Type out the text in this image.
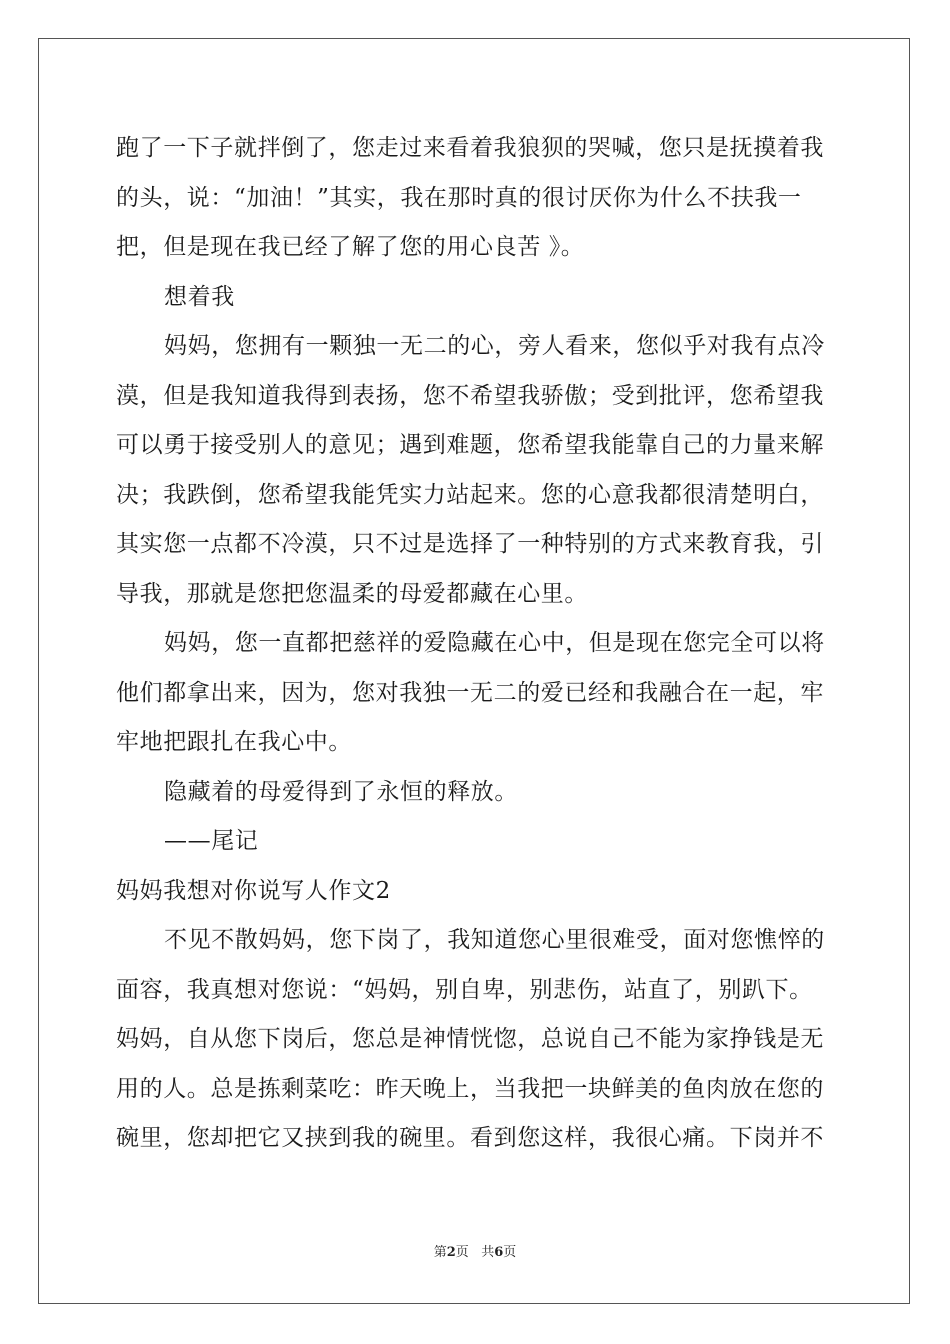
跑了一下子就拌倒了，您走过来看着我狼狈的哭喊，您只是抚摸着我
的头，说：“加油！”其实，我在那时真的很讨厌你为什么不扶我一
把，但是现在我已经了解了您的用心良苦 》。
想着我
妈妈，您拥有一颗独一无二的心，旁人看来，您似乎对我有点冷
漠，但是我知道我得到表扬，您不希望我骄傲；受到批评，您希望我
可以勇于接受别人的意见；遇到难题，您希望我能靠自己的力量来解
决；我跌倒，您希望我能凭实力站起来。您的心意我都很清楚明白，
其实您一点都不冷漠，只不过是选择了一种特别的方式来教育我，引
导我，那就是您把您温柔的母爱都藏在心里。
妈妈，您一直都把慈祥的爱隐藏在心中，但是现在您完全可以将
他们都拿出来，因为，您对我独一无二的爱已经和我融合在一起，牢
牢地把跟扎在我心中。
隐藏着的母爱得到了永恒的释放。
——尾记
妈妈我想对你说写人作文2
不见不散妈妈，您下岗了，我知道您心里很难受，面对您憔悴的
面容，我真想对您说：“妈妈，别自卑，别悲伤，站直了，别趴下。
妈妈，自从您下岗后，您总是神情恍惚，总说自己不能为家挣钱是无
用的人。总是拣剩菜吃：昨天晚上，当我把一块鲜美的鱼肉放在您的
碗里，您却把它又挟到我的碗里。看到您这样，我很心痛。下岗并不
第2页 共6页
